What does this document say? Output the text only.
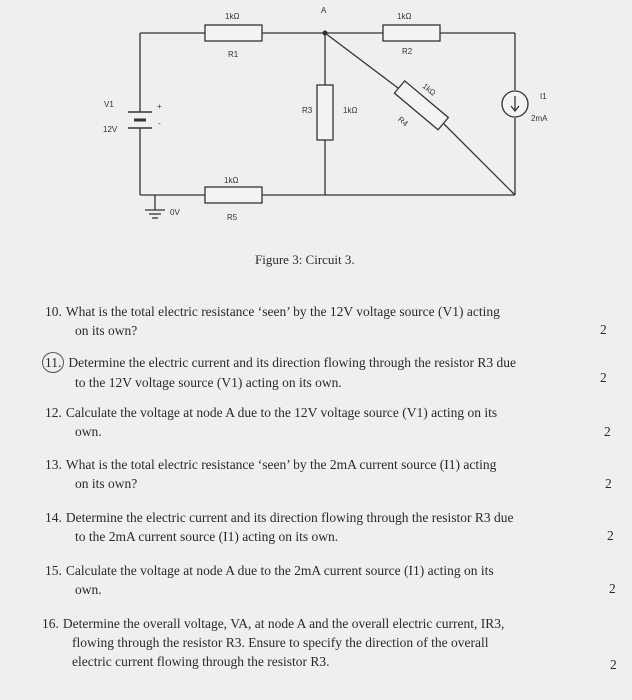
1kΩ
R1
1kΩ
R2
R3	1kΩ
1kΩ
R4
1kΩ
R5
A
V1
12V
+
-
0V
I1
2mA
Figure 3: Circuit 3.
10. What is the total electric resistance ‘seen’ by the 12V voltage source (V1) acting
on its own?	2
11. Determine the electric current and its direction flowing through the resistor R3 due
to the 12V voltage source (V1) acting on its own.	2
12. Calculate the voltage at node A due to the 12V voltage source (V1) acting on its
own.	2
13. What is the total electric resistance ‘seen’ by the 2mA current source (I1) acting
on its own?	2
14. Determine the electric current and its direction flowing through the resistor R3 due
to the 2mA current source (I1) acting on its own.	2
15. Calculate the voltage at node A due to the 2mA current source (I1) acting on its
own.	2
16. Determine the overall voltage, VA, at node A and the overall electric current, IR3,
flowing through the resistor R3. Ensure to specify the direction of the overall
electric current flowing through the resistor R3.	2
